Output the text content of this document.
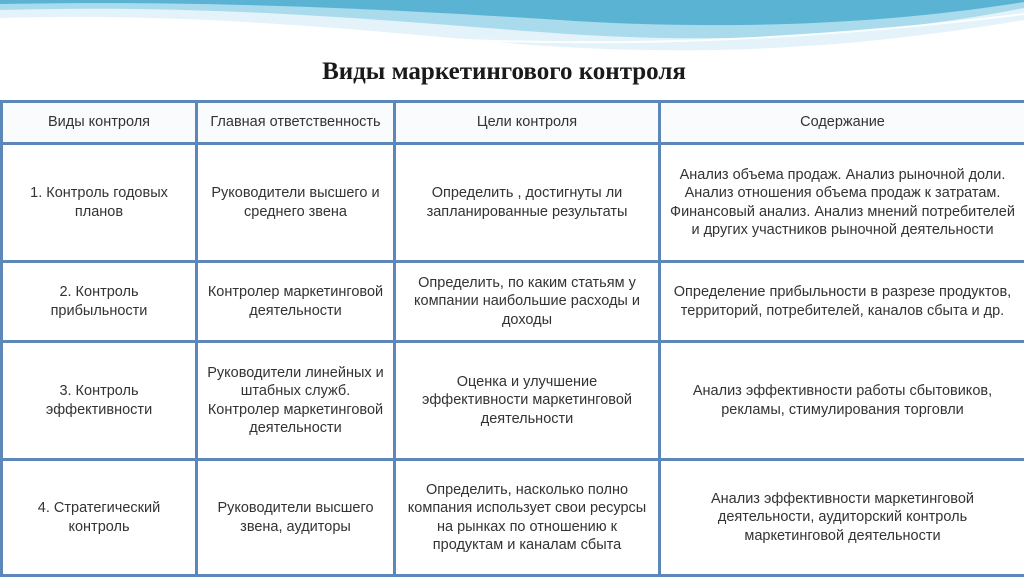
Виды маркетингового контроля
Виды контроля	Главная ответственность	Цели контроля	Содержание
1. Контроль годовых планов	Руководители высшего и среднего звена	Определить , достигнуты ли запланированные результаты	Анализ объема продаж. Анализ рыночной доли. Анализ отношения объема продаж к затратам. Финансовый анализ. Анализ мнений потребителей и других участников рыночной деятельности
2. Контроль прибыльности	Контролер маркетинговой деятельности	Определить, по каким статьям у компании наибольшие расходы и доходы	Определение прибыльности в разрезе продуктов, территорий, потребителей, каналов сбыта и др.
3. Контроль эффективности	Руководители линейных и штабных служб. Контролер маркетинговой деятельности	Оценка и улучшение эффективности маркетинговой деятельности	Анализ эффективности работы сбытовиков, рекламы, стимулирования торговли
4. Стратегический контроль	Руководители высшего звена, аудиторы	Определить, насколько полно компания использует свои ресурсы на рынках по отношению к продуктам и каналам сбыта	Анализ эффективности маркетинговой деятельности, аудиторский контроль маркетинговой деятельности
